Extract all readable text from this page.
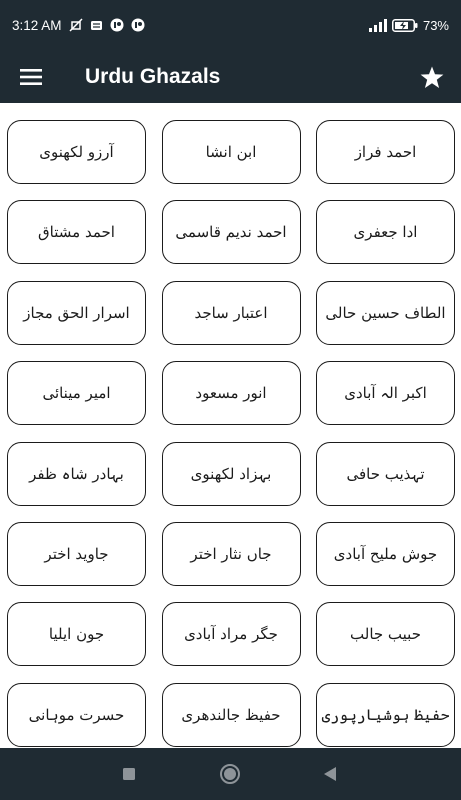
3:12 AM	73%
Urdu Ghazals
آرزو لکھنوی	ابن انشا	احمد فراز
احمد مشتاق	احمد ندیم قاسمی	ادا جعفری
اسرار الحق مجاز	اعتبار ساجد	الطاف حسین حالی
امیر مینائی	انور مسعود	اکبر الہ آبادی
بہادر شاہ ظفر	بہزاد لکھنوی	تہذیب حافی
جاوید اختر	جاں نثار اختر	جوش ملیح آبادی
جون ایلیا	جگر مراد آبادی	حبیب جالب
حسرت موہانی	حفیظ جالندھری	حفیظ ہوشیارپوری
